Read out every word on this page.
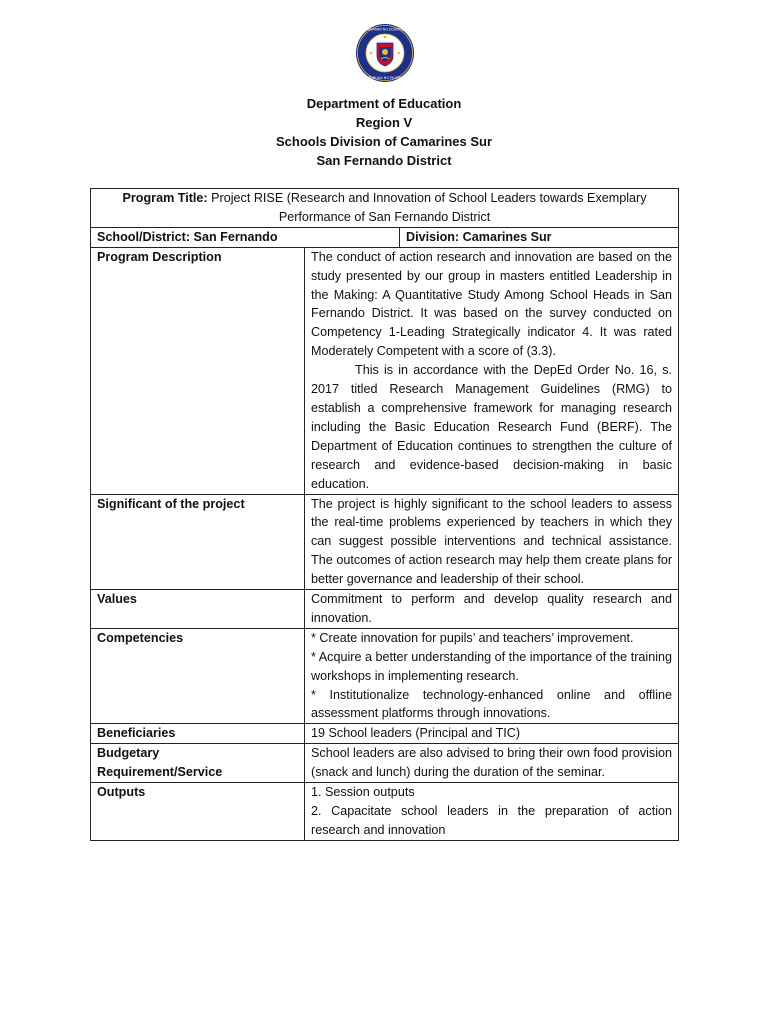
KAGAWARAN NG EDUKASYON
REPUBLIKA NG PILIPINAS
Department of Education
Region V
Schools Division of Camarines Sur
San Fernando District
Program Title: Project RISE (Research and Innovation of School Leaders towards Exemplary Performance of San Fernando District		
School/District: San Fernando		Division: Camarines Sur
Program Description	The conduct of action research and innovation are based on the study presented by our group in masters entitled Leadership in the Making: A Quantitative Study Among School Heads in San Fernando District. It was based on the survey conducted on Competency 1-Leading Strategically indicator 4. It was rated Moderately Competent with a score of (3.3).

This is in accordance with the DepEd Order No. 16, s. 2017 titled Research Management Guidelines (RMG) to establish a comprehensive framework for managing research including the Basic Education Research Fund (BERF). The Department of Education continues to strengthen the culture of research and evidence-based decision-making in basic education.	

Significant of the project	The project is highly significant to the school leaders to assess the real-time problems experienced by teachers in which they can suggest possible interventions and technical assistance. The outcomes of action research may help them create plans for better governance and leadership of their school.	
Values	Commitment to perform and develop quality research and innovation.	
Competencies	* Create innovation for pupils’ and teachers’ improvement.

* Acquire a better understanding of the importance of the training workshops in implementing research.

* Institutionalize technology-enhanced online and offline assessment platforms through innovations.	

Beneficiaries	19 School leaders (Principal and TIC)	

Budgetary

Requirement/Service	School leaders are also advised to bring their own food provision (snack and lunch) during the duration of the seminar.	
Outputs	1. Session outputs

2. Capacitate school leaders in the preparation of action research and innovation	
